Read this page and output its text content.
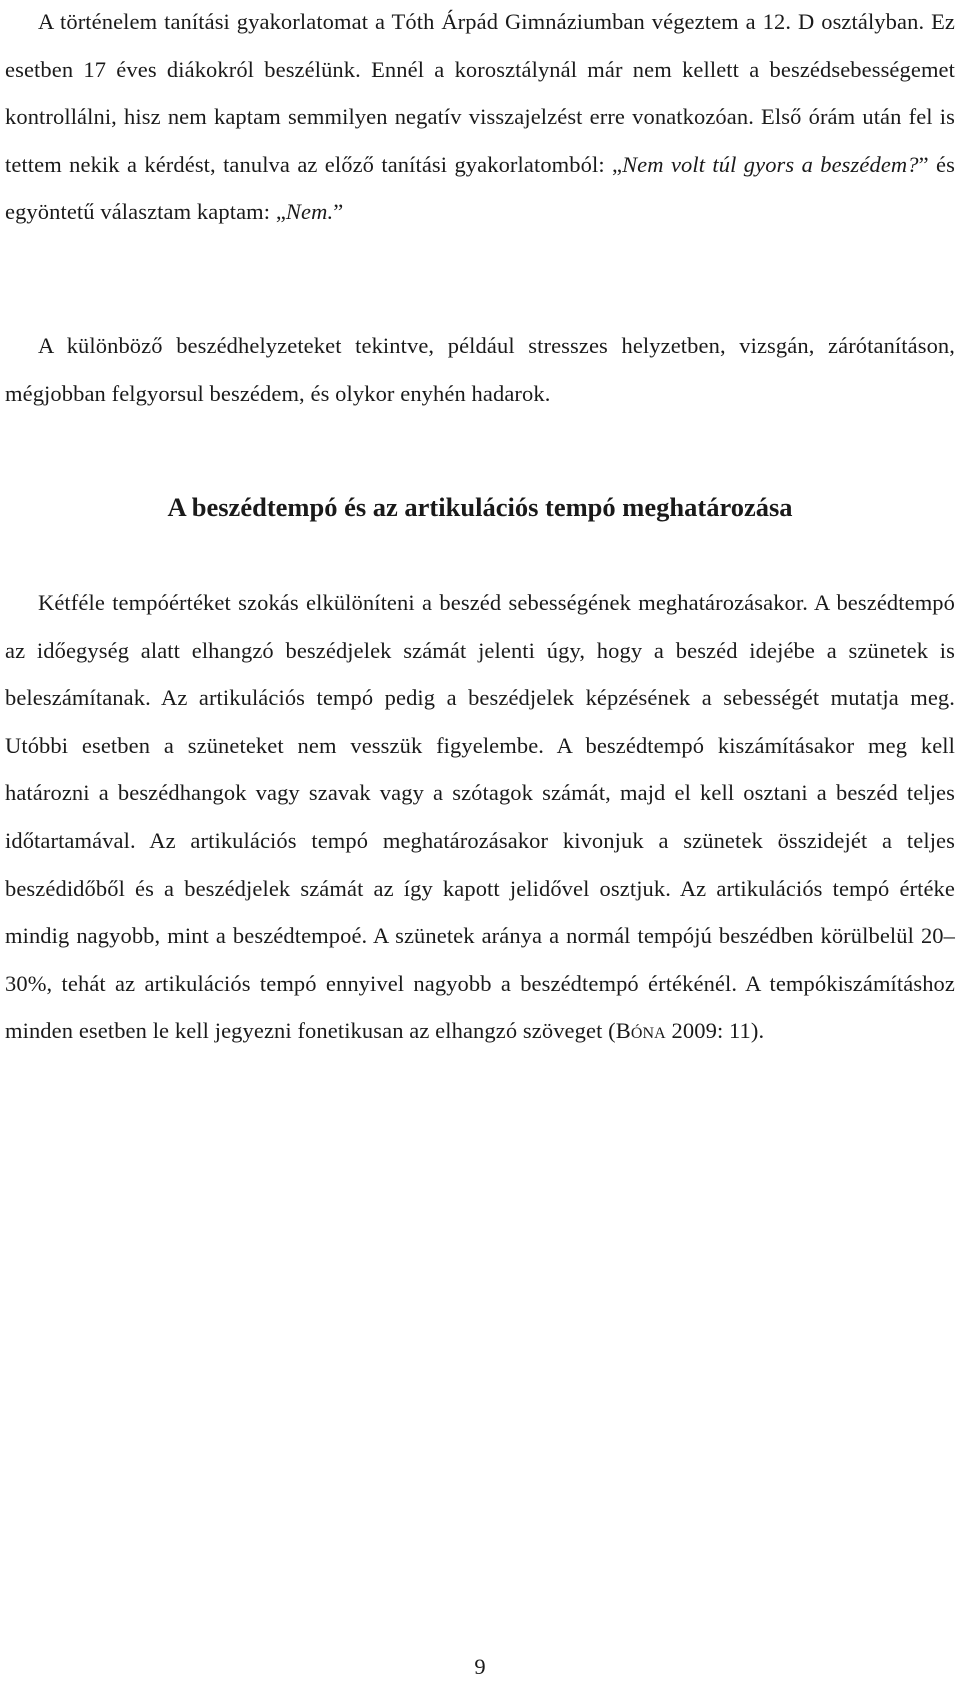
A történelem tanítási gyakorlatomat a Tóth Árpád Gimnáziumban végeztem a 12. D osztályban. Ez esetben 17 éves diákokról beszélünk. Ennél a korosztálynál már nem kellett a beszédsebességemet kontrollálni, hisz nem kaptam semmilyen negatív visszajelzést erre vonatkozóan. Első órám után fel is tettem nekik a kérdést, tanulva az előző tanítási gyakorlatomból: „Nem volt túl gyors a beszédem?” és egyöntetű választam kaptam: „Nem.”

A különböző beszédhelyzeteket tekintve, például stresszes helyzetben, vizsgán, zárótanításon, mégjobban felgyorsul beszédem, és olykor enyhén hadarok.

A beszédtempó és az artikulációs tempó meghatározása

Kétféle tempóértéket szokás elkülöníteni a beszéd sebességének meghatározásakor. A beszédtempó az időegység alatt elhangzó beszédjelek számát jelenti úgy, hogy a beszéd idejébe a szünetek is beleszámítanak. Az artikulációs tempó pedig a beszédjelek képzésének a sebességét mutatja meg. Utóbbi esetben a szüneteket nem vesszük figyelembe. A beszédtempó kiszámításakor meg kell határozni a beszédhangok vagy szavak vagy a szótagok számát, majd el kell osztani a beszéd teljes időtartamával. Az artikulációs tempó meghatározásakor kivonjuk a szünetek összidejét a teljes beszédidőből és a beszédjelek számát az így kapott jelidővel osztjuk. Az artikulációs tempó értéke mindig nagyobb, mint a beszédtempoé. A szünetek aránya a normál tempójú beszédben körülbelül 20–30%, tehát az artikulációs tempó ennyivel nagyobb a beszédtempó értékénél. A tempókiszámításhoz minden esetben le kell jegyezni fonetikusan az elhangzó szöveget (Bóna 2009: 11).

9
